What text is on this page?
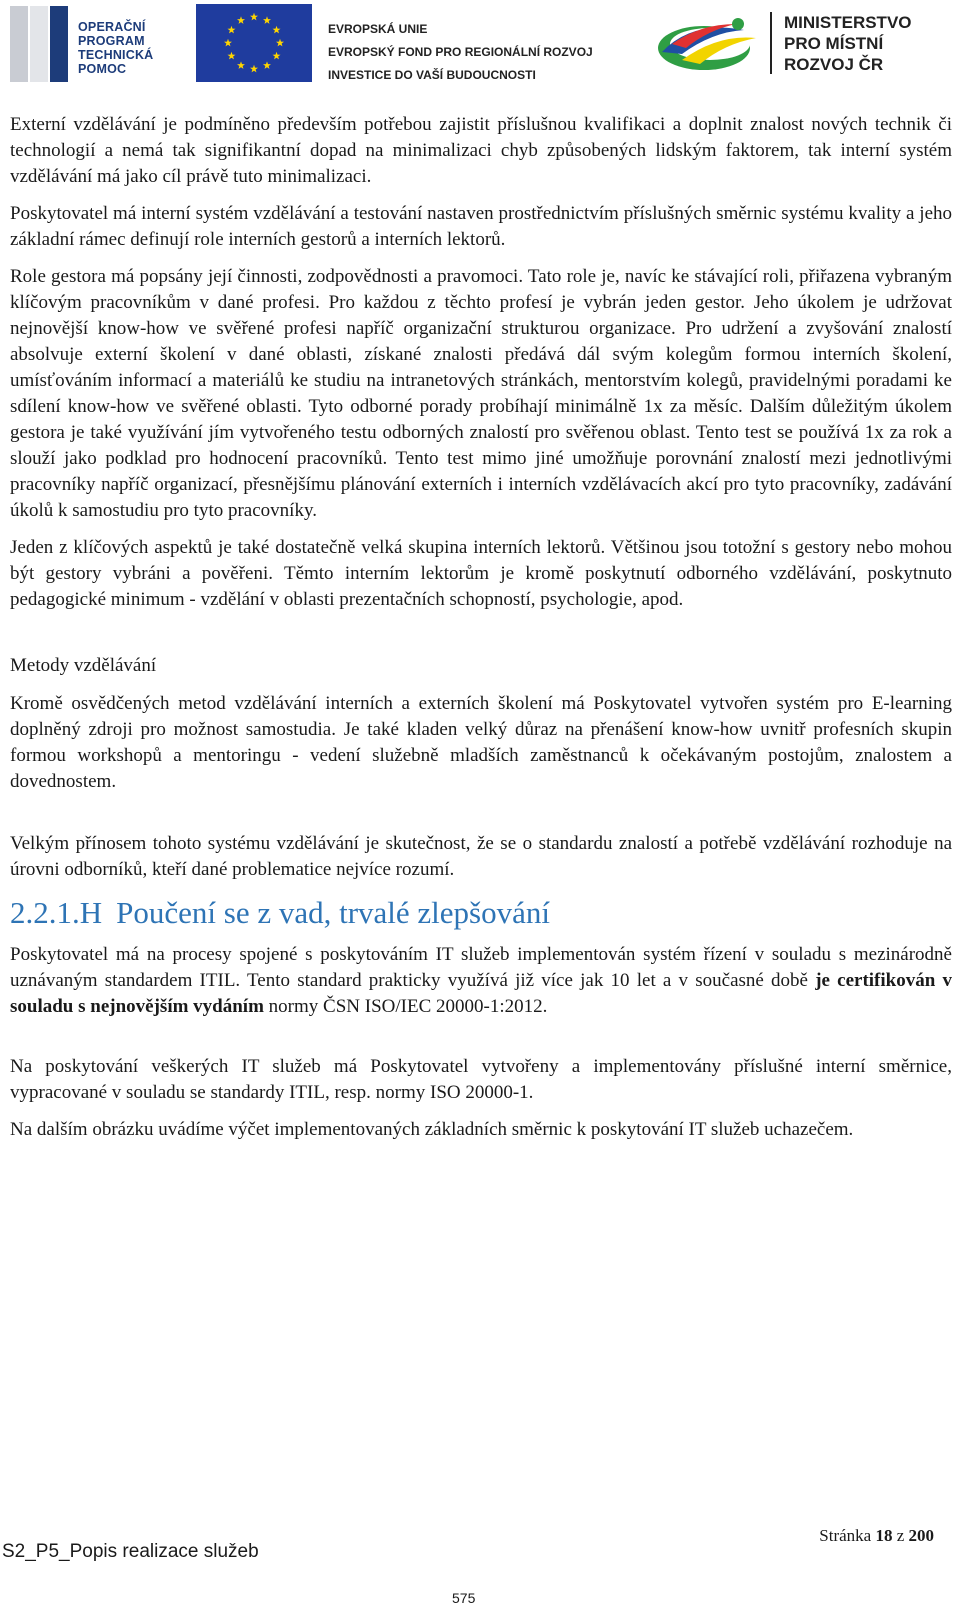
OPERAČNÍ
PROGRAM
TECHNICKÁ
POMOC
EVROPSKÁ UNIE
EVROPSKÝ FOND PRO REGIONÁLNÍ ROZVOJ
INVESTICE DO VAŠÍ BUDOUCNOSTI
MINISTERSTVO
PRO MÍSTNÍ
ROZVOJ ČR

Externí vzdělávání je podmíněno především potřebou zajistit příslušnou kvalifikaci a doplnit znalost nových technik či technologií a nemá tak signifikantní dopad na minimalizaci chyb způsobených lidským faktorem, tak interní systém vzdělávání má jako cíl právě tuto minimalizaci.

Poskytovatel má interní systém vzdělávání a testování nastaven prostřednictvím příslušných směrnic systému kvality a jeho základní rámec definují role interních gestorů a interních lektorů.

Role gestora má popsány její činnosti, zodpovědnosti a pravomoci. Tato role je, navíc ke stávající roli, přiřazena vybraným klíčovým pracovníkům v dané profesi. Pro každou z těchto profesí je vybrán jeden gestor. Jeho úkolem je udržovat nejnovější know-how ve svěřené profesi napříč organizační strukturou organizace. Pro udržení a zvyšování znalostí absolvuje externí školení v dané oblasti, získané znalosti předává dál svým kolegům formou interních školení, umísťováním informací a materiálů ke studiu na intranetových stránkách, mentorstvím kolegů, pravidelnými poradami ke sdílení know-how ve svěřené oblasti. Tyto odborné porady probíhají minimálně 1x za měsíc. Dalším důležitým úkolem gestora je také využívání jím vytvořeného testu odborných znalostí pro svěřenou oblast. Tento test se používá 1x za rok a slouží jako podklad pro hodnocení pracovníků. Tento test mimo jiné umožňuje porovnání znalostí mezi jednotlivými pracovníky napříč organizací, přesnějšímu plánování externích i interních vzdělávacích akcí pro tyto pracovníky, zadávání úkolů k samostudiu pro tyto pracovníky.

Jeden z klíčových aspektů je také dostatečně velká skupina interních lektorů. Většinou jsou totožní s gestory nebo mohou být gestory vybráni a pověřeni. Těmto interním lektorům je kromě poskytnutí odborného vzdělávání, poskytnuto pedagogické minimum - vzdělání v oblasti prezentačních schopností, psychologie, apod.

Metody vzdělávání

Kromě osvědčených metod vzdělávání interních a externích školení má Poskytovatel vytvořen systém pro E-learning doplněný zdroji pro možnost samostudia. Je také kladen velký důraz na přenášení know-how uvnitř profesních skupin formou workshopů a mentoringu - vedení služebně mladších zaměstnanců k očekávaným postojům, znalostem a dovednostem.

Velkým přínosem tohoto systému vzdělávání je skutečnost, že se o standardu znalostí a potřebě vzdělávání rozhoduje na úrovni odborníků, kteří dané problematice nejvíce rozumí.

2.2.1.H Poučení se z vad, trvalé zlepšování

Poskytovatel má na procesy spojené s poskytováním IT služeb implementován systém řízení v souladu s mezinárodně uznávaným standardem ITIL. Tento standard prakticky využívá již více jak 10 let a v současné době je certifikován v souladu s nejnovějším vydáním normy ČSN ISO/IEC 20000-1:2012.

Na poskytování veškerých IT služeb má Poskytovatel vytvořeny a implementovány příslušné interní směrnice, vypracované v souladu se standardy ITIL, resp. normy ISO 20000-1.

Na dalším obrázku uvádíme výčet implementovaných základních směrnic k poskytování IT služeb uchazečem.

S2_P5_Popis realizace služeb
Stránka 18 z 200
575
